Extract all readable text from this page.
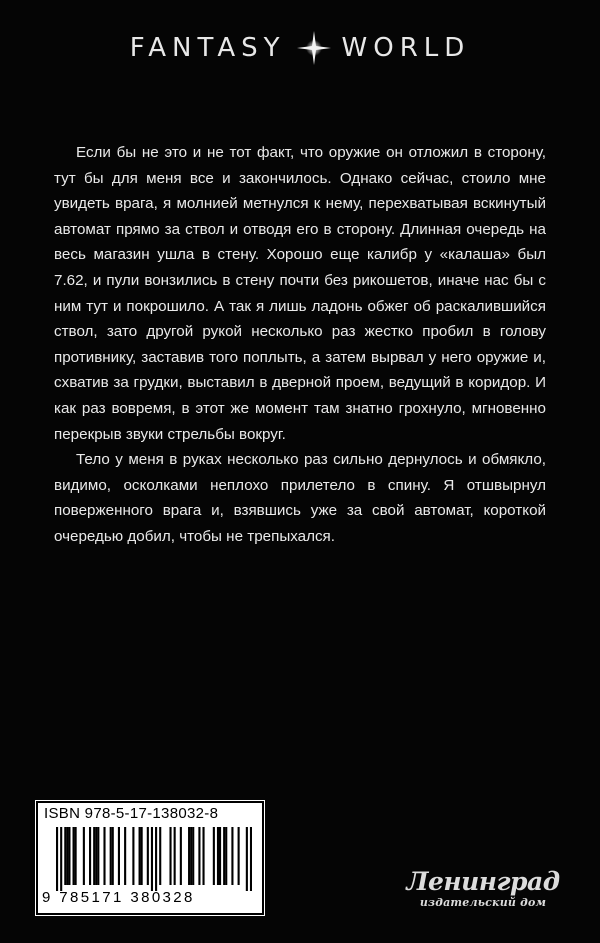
FANTASY WORLD

Если бы не это и не тот факт, что оружие он отложил в сторону, тут бы для меня все и закончилось. Однако сейчас, стоило мне увидеть врага, я молнией метнулся к нему, перехватывая вскинутый автомат прямо за ствол и отводя его в сторону. Длинная очередь на весь магазин ушла в стену. Хорошо еще калибр у «калаша» был 7.62, и пули вонзились в стену почти без рикошетов, иначе нас бы с ним тут и покрошило. А так я лишь ладонь обжег об раскалившийся ствол, зато другой рукой несколько раз жестко пробил в голову противнику, заставив того поплыть, а затем вырвал у него оружие и, схватив за грудки, выставил в дверной проем, ведущий в коридор. И как раз вовремя, в этот же момент там знатно грохнуло, мгновенно перекрыв звуки стрельбы вокруг.

Тело у меня в руках несколько раз сильно дернулось и обмякло, видимо, осколками неплохо прилетело в спину. Я отшвырнул поверженного врага и, взявшись уже за свой автомат, короткой очередью добил, чтобы не трепыхался.

ISBN 978-5-17-138032-8
9 785171 380328
Ленинград
издательский дом
